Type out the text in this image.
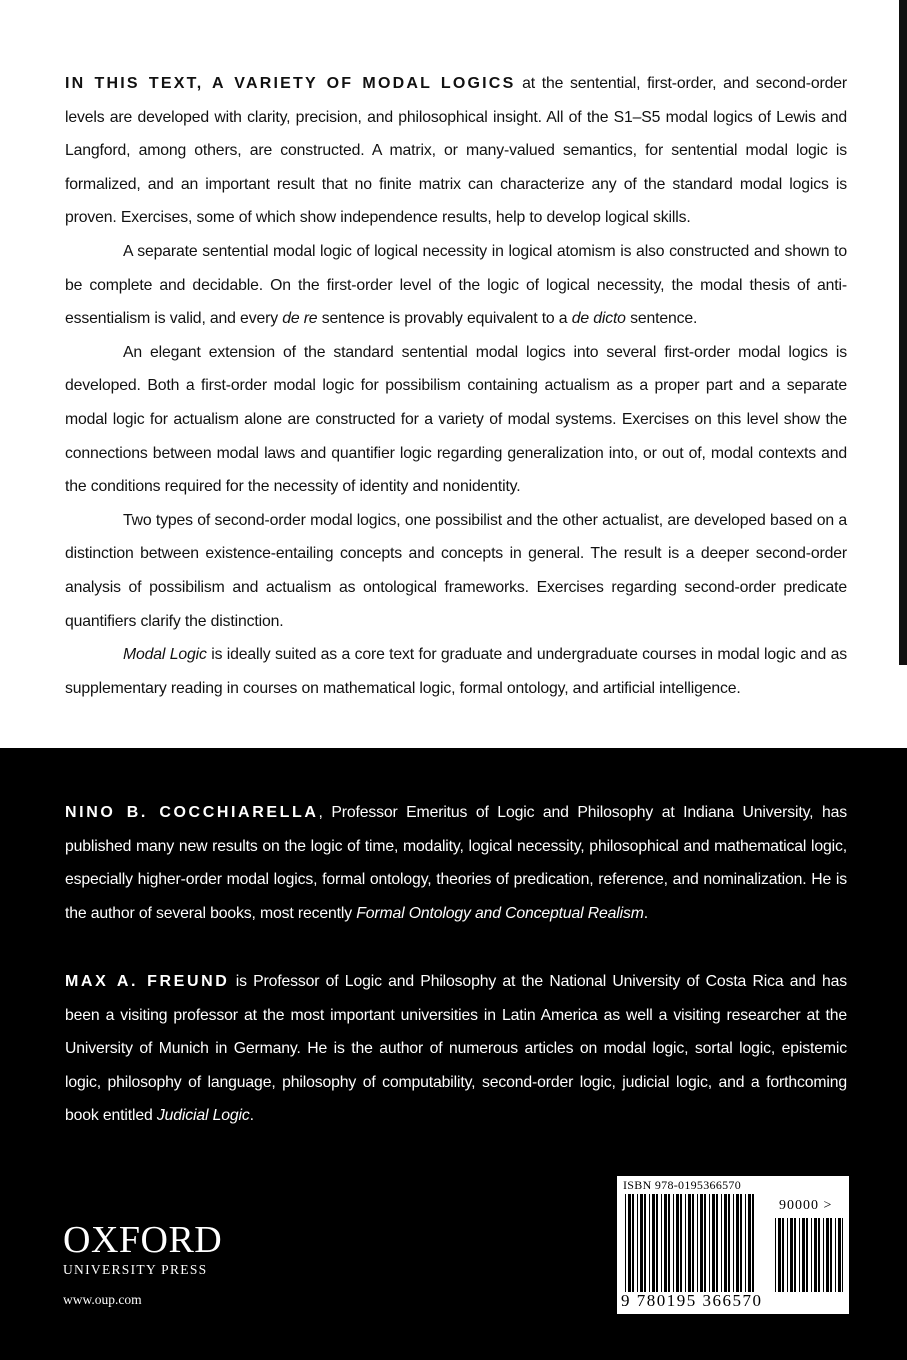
IN THIS TEXT, A VARIETY OF MODAL LOGICS at the sentential, first-order, and second-order levels are developed with clarity, precision, and philosophical insight. All of the S1–S5 modal logics of Lewis and Langford, among others, are constructed. A matrix, or many-valued semantics, for sentential modal logic is formalized, and an important result that no finite matrix can characterize any of the standard modal logics is proven. Exercises, some of which show independence results, help to develop logical skills.

A separate sentential modal logic of logical necessity in logical atomism is also constructed and shown to be complete and decidable. On the first-order level of the logic of logical necessity, the modal thesis of anti-essentialism is valid, and every de re sentence is provably equivalent to a de dicto sentence.

An elegant extension of the standard sentential modal logics into several first-order modal logics is developed. Both a first-order modal logic for possibilism containing actualism as a proper part and a separate modal logic for actualism alone are constructed for a variety of modal systems. Exercises on this level show the connections between modal laws and quantifier logic regarding generalization into, or out of, modal contexts and the conditions required for the necessity of identity and nonidentity.

Two types of second-order modal logics, one possibilist and the other actualist, are developed based on a distinction between existence-entailing concepts and concepts in general. The result is a deeper second-order analysis of possibilism and actualism as ontological frameworks. Exercises regarding second-order predicate quantifiers clarify the distinction.

Modal Logic is ideally suited as a core text for graduate and undergraduate courses in modal logic and as supplementary reading in courses on mathematical logic, formal ontology, and artificial intelligence.

NINO B. COCCHIARELLA, Professor Emeritus of Logic and Philosophy at Indiana University, has published many new results on the logic of time, modality, logical necessity, philosophical and mathematical logic, especially higher-order modal logics, formal ontology, theories of predication, reference, and nominalization. He is the author of several books, most recently Formal Ontology and Conceptual Realism.

MAX A. FREUND is Professor of Logic and Philosophy at the National University of Costa Rica and has been a visiting professor at the most important universities in Latin America as well a visiting researcher at the University of Munich in Germany. He is the author of numerous articles on modal logic, sortal logic, epistemic logic, philosophy of language, philosophy of computability, second-order logic, judicial logic, and a forthcoming book entitled Judicial Logic.

OXFORD
UNIVERSITY PRESS
www.oup.com
ISBN 978-0195366570
90000 >
9 780195 366570
